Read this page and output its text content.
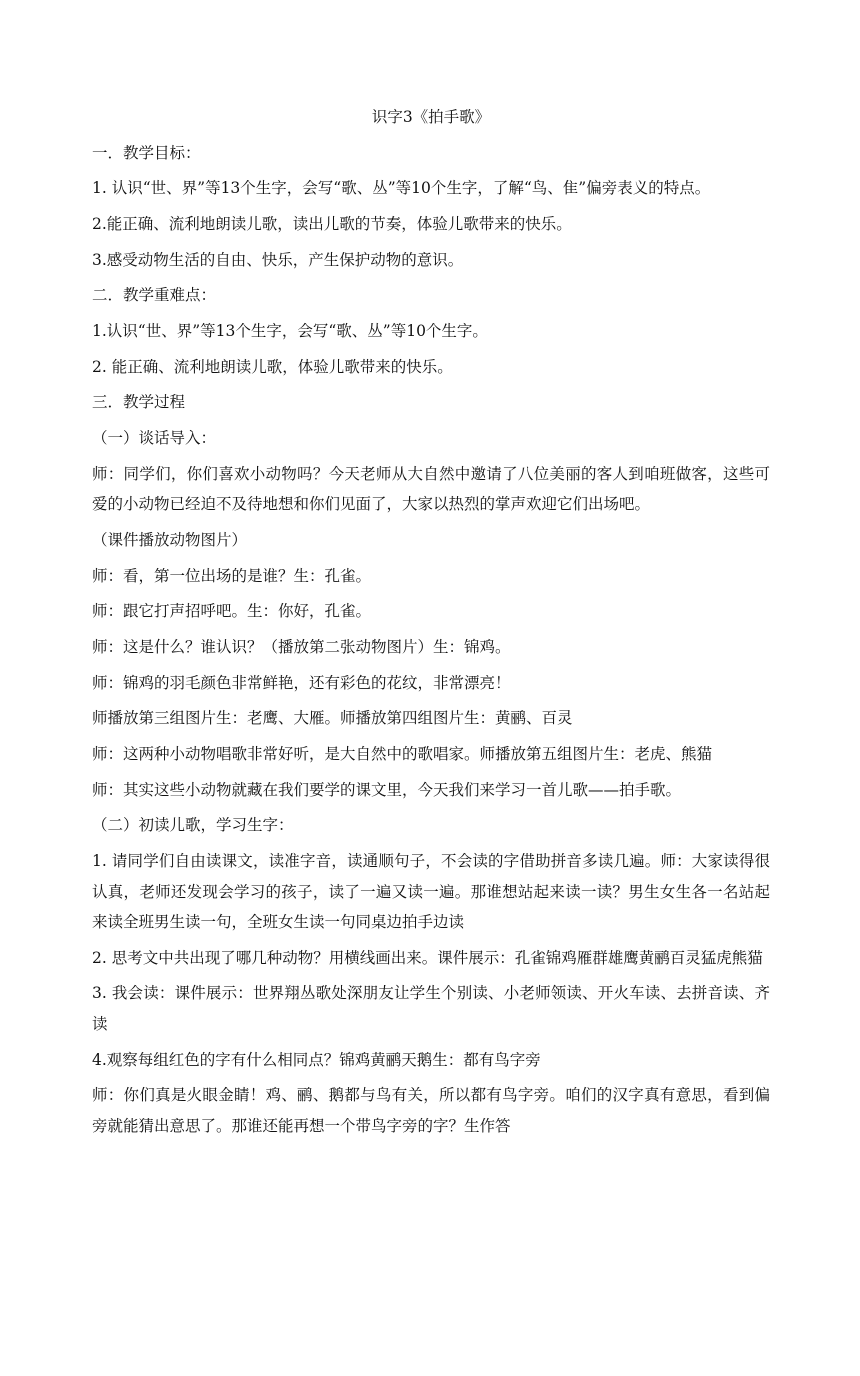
识字3《拍手歌》
一．教学目标：
1. 认识“世、界”等13个生字，会写“歌、丛”等10个生字，了解“鸟、隹”偏旁表义的特点。
2.能正确、流利地朗读儿歌，读出儿歌的节奏，体验儿歌带来的快乐。
3.感受动物生活的自由、快乐，产生保护动物的意识。
二．教学重难点：
1.认识“世、界”等13个生字，会写“歌、丛”等10个生字。
2. 能正确、流利地朗读儿歌，体验儿歌带来的快乐。
三．教学过程
（一）谈话导入：
师：同学们，你们喜欢小动物吗？今天老师从大自然中邀请了八位美丽的客人到咱班做客，这些可爱的小动物已经迫不及待地想和你们见面了，大家以热烈的掌声欢迎它们出场吧。
（课件播放动物图片）
师：看，第一位出场的是谁？生：孔雀。
师：跟它打声招呼吧。生：你好，孔雀。
师：这是什么？谁认识？（播放第二张动物图片）生：锦鸡。
师：锦鸡的羽毛颜色非常鲜艳，还有彩色的花纹，非常漂亮！
师播放第三组图片生：老鹰、大雁。师播放第四组图片生：黄鹂、百灵
师：这两种小动物唱歌非常好听，是大自然中的歌唱家。师播放第五组图片生：老虎、熊猫
师：其实这些小动物就藏在我们要学的课文里，今天我们来学习一首儿歌——拍手歌。
（二）初读儿歌，学习生字：
1. 请同学们自由读课文，读准字音，读通顺句子，不会读的字借助拼音多读几遍。师：大家读得很认真，老师还发现会学习的孩子，读了一遍又读一遍。那谁想站起来读一读？男生女生各一名站起来读全班男生读一句，全班女生读一句同桌边拍手边读
2. 思考文中共出现了哪几种动物？用横线画出来。课件展示：孔雀锦鸡雁群雄鹰黄鹂百灵猛虎熊猫
3. 我会读：课件展示：世界翔丛歌处深朋友让学生个别读、小老师领读、开火车读、去拼音读、齐读
4.观察每组红色的字有什么相同点？锦鸡黄鹂天鹅生：都有鸟字旁
师：你们真是火眼金睛！鸡、鹂、鹅都与鸟有关，所以都有鸟字旁。咱们的汉字真有意思，看到偏旁就能猜出意思了。那谁还能再想一个带鸟字旁的字？生作答
